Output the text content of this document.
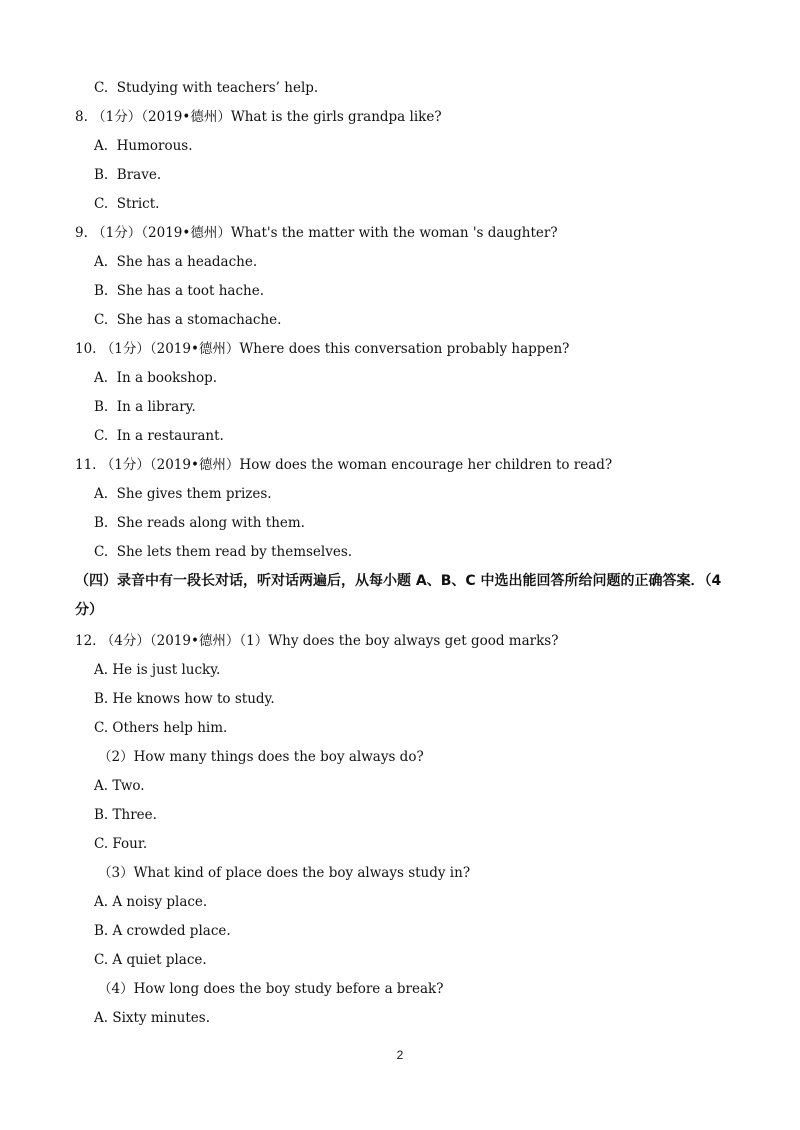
C.  Studying with teachers’ help.
8. （1分）（2019•德州）What is the girls grandpa like?
A.  Humorous.
B.  Brave.
C.  Strict.
9. （1分）（2019•德州）What's the matter with the woman 's daughter?
A.  She has a headache.
B.  She has a toot hache.
C.  She has a stomachache.
10. （1分）（2019•德州）Where does this conversation probably happen?
A.  In a bookshop.
B.  In a library.
C.  In a restaurant.
11. （1分）（2019•德州）How does the woman encourage her children to read?
A.  She gives them prizes.
B.  She reads along with them.
C.  She lets them read by themselves.
（四）录音中有一段长对话，听对话两遍后，从每小题 A、B、C 中选出能回答所给问题的正确答案．（4
分）
12. （4分）（2019•德州）（1）Why does the boy always get good marks?
A. He is just lucky.
B. He knows how to study.
C. Others help him.
（2）How many things does the boy always do?
A. Two.
B. Three.
C. Four.
（3）What kind of place does the boy always study in?
A. A noisy place.
B. A crowded place.
C. A quiet place.
（4）How long does the boy study before a break?
A. Sixty minutes.
2
